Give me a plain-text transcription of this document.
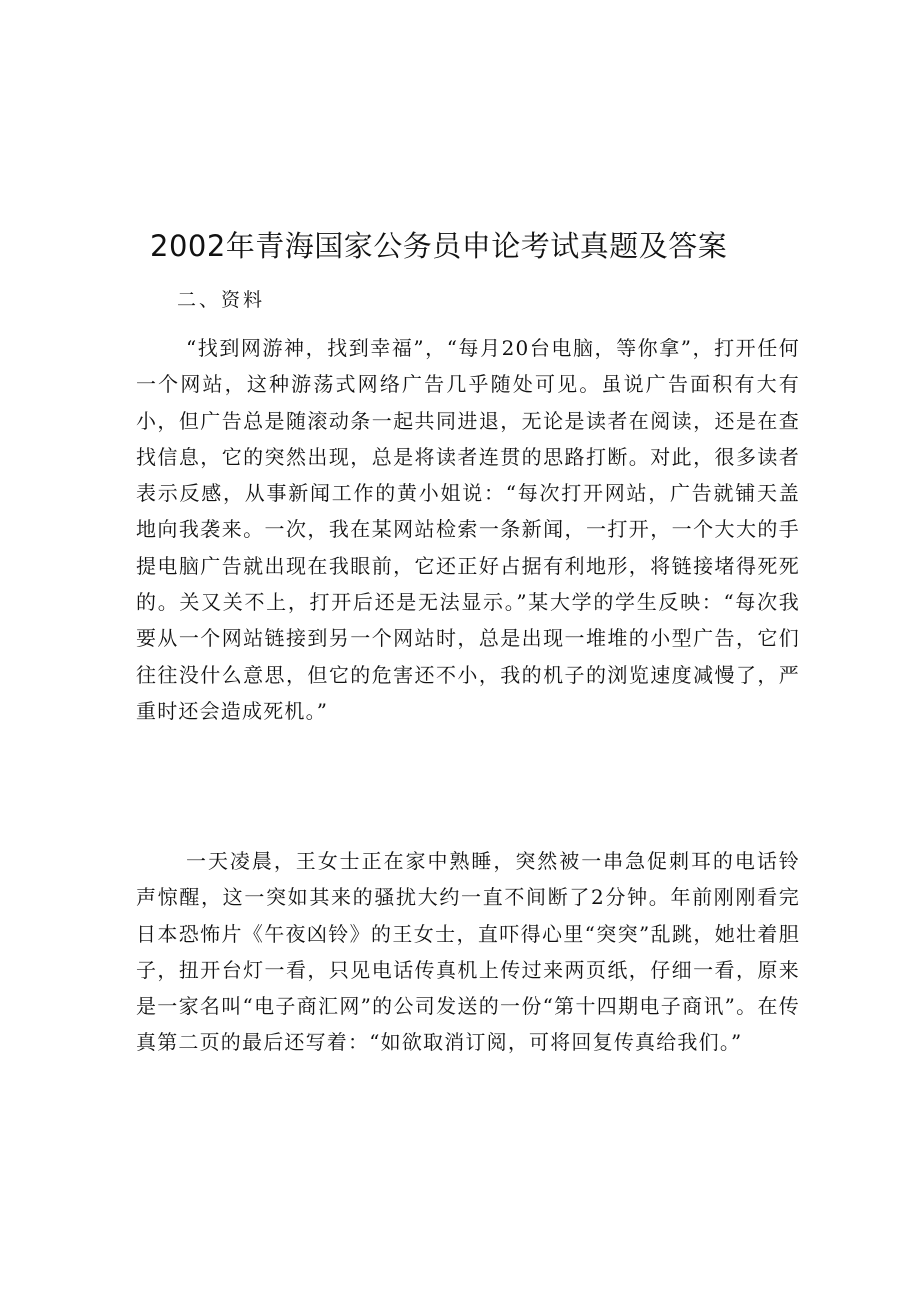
2002年青海国家公务员申论考试真题及答案

二、资料

“找到网游神，找到幸福”，“每月20台电脑，等你拿”，打开任何一个网站，这种游荡式网络广告几乎随处可见。虽说广告面积有大有小，但广告总是随滚动条一起共同进退，无论是读者在阅读，还是在查找信息，它的突然出现，总是将读者连贯的思路打断。对此，很多读者表示反感，从事新闻工作的黄小姐说：“每次打开网站，广告就铺天盖地向我袭来。一次，我在某网站检索一条新闻，一打开，一个大大的手提电脑广告就出现在我眼前，它还正好占据有利地形，将链接堵得死死的。关又关不上，打开后还是无法显示。”某大学的学生反映：“每次我要从一个网站链接到另一个网站时，总是出现一堆堆的小型广告，它们往往没什么意思，但它的危害还不小，我的机子的浏览速度减慢了，严重时还会造成死机。”

一天凌晨，王女士正在家中熟睡，突然被一串急促刺耳的电话铃声惊醒，这一突如其来的骚扰大约一直不间断了2分钟。年前刚刚看完日本恐怖片《午夜凶铃》的王女士，直吓得心里“突突”乱跳，她壮着胆子，扭开台灯一看，只见电话传真机上传过来两页纸，仔细一看，原来是一家名叫“电子商汇网”的公司发送的一份“第十四期电子商讯”。在传真第二页的最后还写着：“如欲取消订阅，可将回复传真给我们。”
